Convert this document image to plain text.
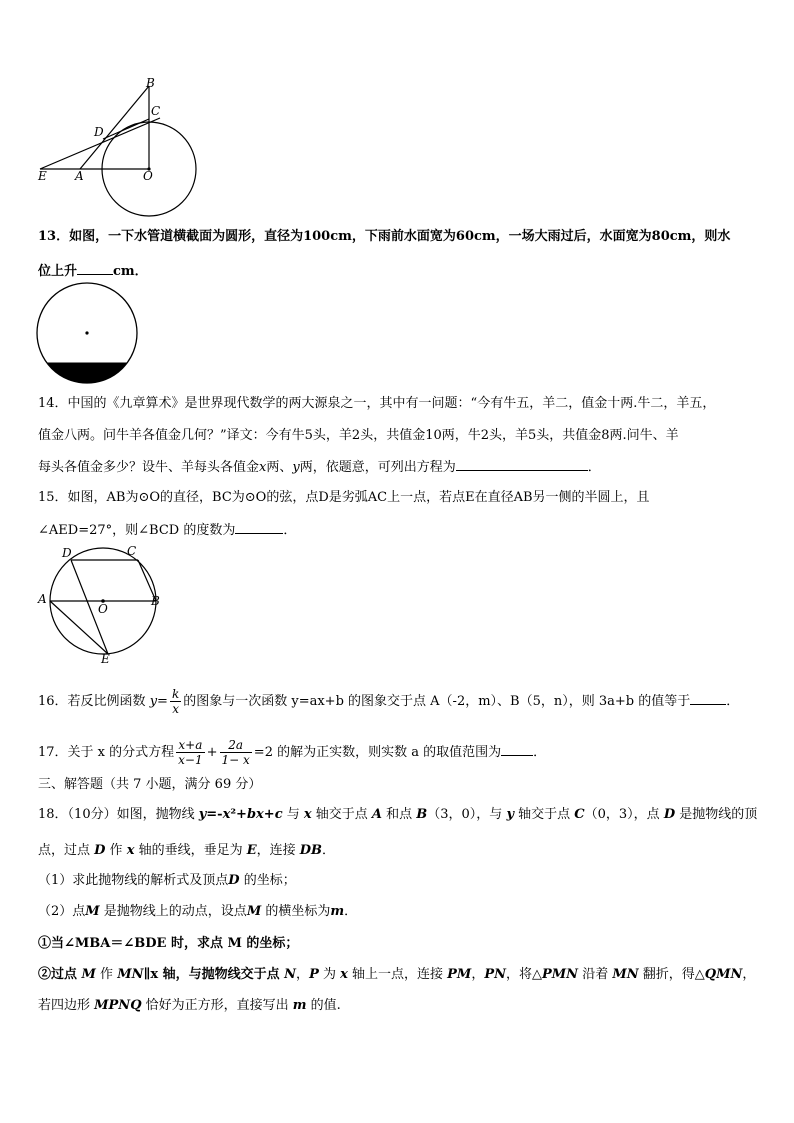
B
C
D
E A	O
13．如图，一下水管道横截面为圆形，直径为100cm，下雨前水面宽为60cm，一场大雨过后，水面宽为80cm，则水
位上升	cm．
14．中国的《九章算术》是世界现代数学的两大源泉之一，其中有一问题：“今有牛五，羊二，值金十两.牛二，羊五，
值金八两。问牛羊各值金几何？”译文：今有牛5头，羊2头，共值金10两，牛2头，羊5头，共值金8两.问牛、羊
每头各值金多少？设牛、羊每头各值金x两、y两，依题意，可列出方程为	．
15．如图，AB为⊙O的直径，BC为⊙O的弦，点D是劣弧AC上一点，若点E在直径AB另一侧的半圆上，且
∠AED=27°，则∠BCD 的度数为	．
D	C
A
O
B
E
16．若反比例函数 $y= \frac{k}{x}$ 的图象与一次函数 y=ax+b 的图象交于点 A（-2，m）、B（5，n），则 3a+b 的值等于	．
17．关于 x 的分式方程 $\frac{x+a}{x-1} + \frac{2a}{1- x} =2$ 的解为正实数，则实数 a 的取值范围为 ．
三、解答题（共 7 小题，满分 69 分）
18．（10分）如图，抛物线 y=-x²+bx+c 与 x 轴交于点 A 和点 B（3，0），与 y 轴交于点 C（0，3），点 D 是抛物线的顶
点，过点 D 作 x 轴的垂线，垂足为 E，连接 DB．
（1）求此抛物线的解析式及顶点D 的坐标；
（2）点M 是抛物线上的动点，设点M 的横坐标为m．
①当∠MBA＝∠BDE 时，求点 M 的坐标；
②过点 M 作 MN∥x 轴，与抛物线交于点 N，P 为 x 轴上一点，连接 PM，PN，将△PMN 沿着 MN 翻折，得△QMN，
若四边形 MPNQ 恰好为正方形，直接写出 m 的值.
